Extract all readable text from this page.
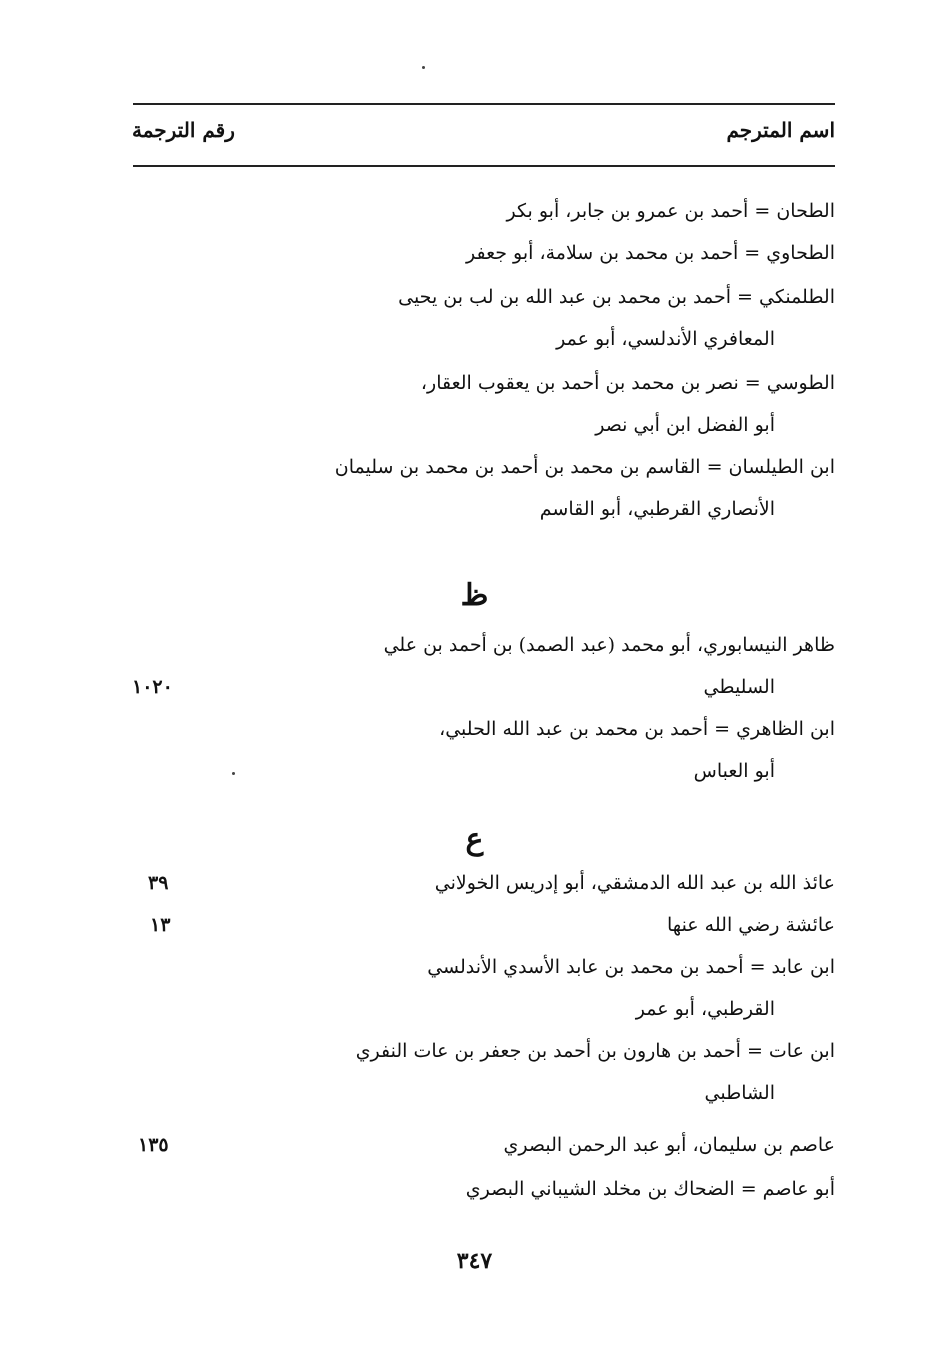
اسم المترجم
رقم الترجمة
الطحان = أحمد بن عمرو بن جابر، أبو بكر
الطحاوي = أحمد بن محمد بن سلامة، أبو جعفر
الطلمنكي = أحمد بن محمد بن عبد الله بن لب بن يحيى
المعافري الأندلسي، أبو عمر
الطوسي = نصر بن محمد بن أحمد بن يعقوب العقار،
أبو الفضل ابن أبي نصر
ابن الطيلسان = القاسم بن محمد بن أحمد بن محمد بن سليمان
الأنصاري القرطبي، أبو القاسم
ظ
ظاهر النيسابوري، أبو محمد (عبد الصمد) بن أحمد بن علي
السليطي
١٠٢٠
ابن الظاهري = أحمد بن محمد بن عبد الله الحلبي،
أبو العباس
ع
عائذ الله بن عبد الله الدمشقي، أبو إدريس الخولاني
٣٩
عائشة رضي الله عنها
١٣
ابن عابد = أحمد بن محمد بن عابد الأسدي الأندلسي
القرطبي، أبو عمر
ابن عات = أحمد بن هارون بن أحمد بن جعفر بن عات النفري
الشاطبي
عاصم بن سليمان، أبو عبد الرحمن البصري
١٣٥
أبو عاصم = الضحاك بن مخلد الشيباني البصري
٣٤٧
